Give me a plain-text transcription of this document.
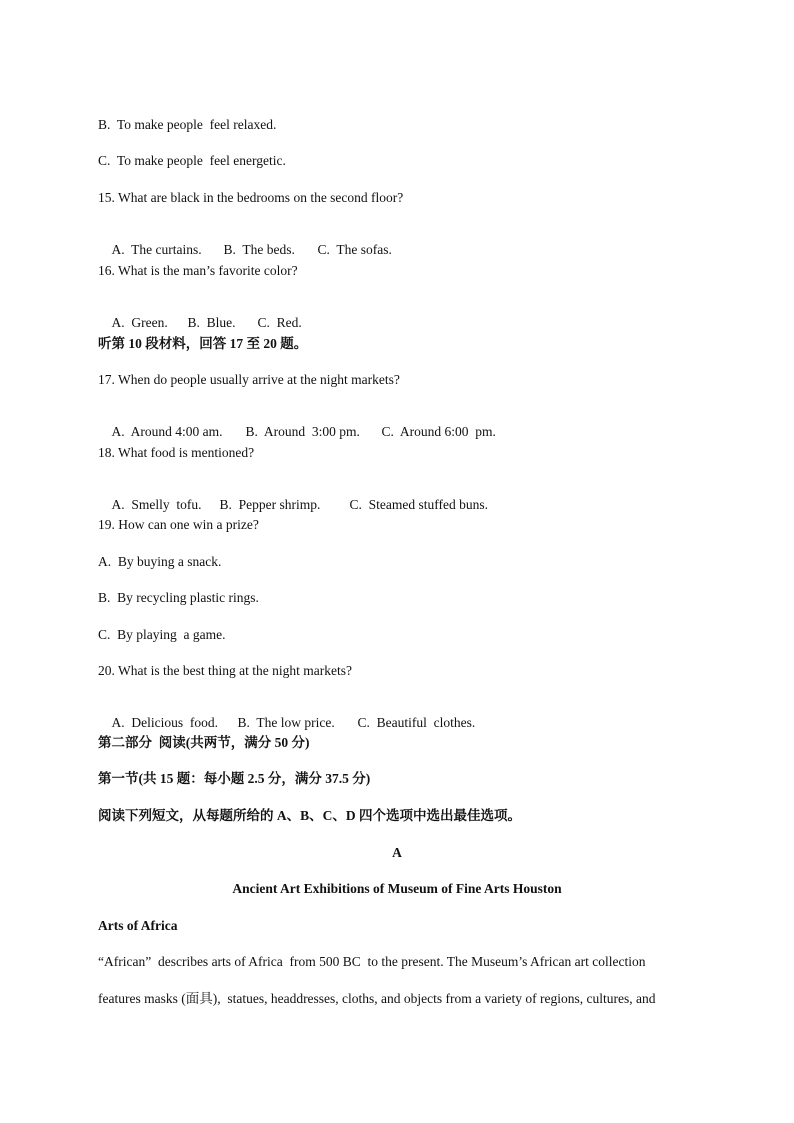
B.  To make people  feel relaxed.
C.  To make people  feel energetic.
15. What are black in the bedrooms on the second floor?

A.  The curtains. B.  The beds. C.  The sofas.

16. What is the man’s favorite color?

A.  Green. B.  Blue. C.  Red.

听第 10 段材料，回答 17 至 20 题。
17. When do people usually arrive at the night markets?

A.  Around 4:00 am. B.  Around  3:00 pm. C.  Around 6:00  pm.

18. What food is mentioned?

A.  Smelly  tofu. B.  Pepper shrimp. C.  Steamed stuffed buns.

19. How can one win a prize?
A.  By buying a snack.
B.  By recycling plastic rings.
C.  By playing  a game.
20. What is the best thing at the night markets?

A.  Delicious  food. B.  The low price. C.  Beautiful  clothes.

第二部分  阅读(共两节，满分 50 分)
第一节(共 15 题：每小题 2.5 分，满分 37.5 分)
阅读下列短文，从每题所给的 A、B、C、D 四个选项中选出最佳选项。
A
Ancient Art Exhibitions of Museum of Fine Arts Houston
Arts of Africa
“African”  describes arts of Africa  from 500 BC  to the present. The Museum’s African art collection
features masks (面具),  statues, headdresses, cloths, and objects from a variety of regions, cultures, and
